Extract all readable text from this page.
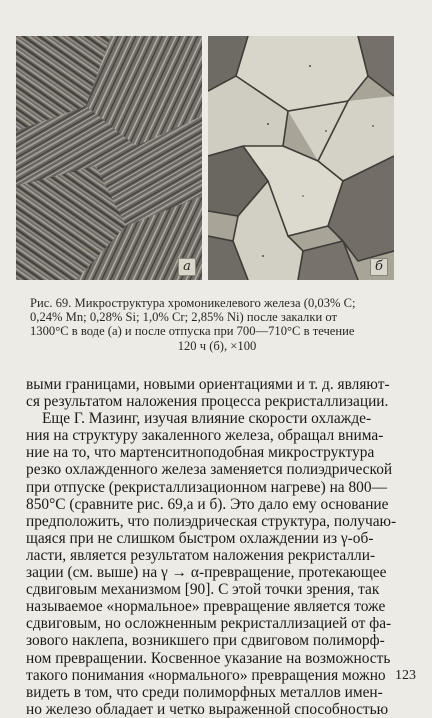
а	б
Рис. 69. Микроструктура хромоникелевого железа (0,03% С;
0,24% Mn; 0,28% Si; 1,0% Cr; 2,85% Ni) после закалки от
1300°С в воде (а) и после отпуска при 700—710°С в течение
120 ч (б), ×100
выми границами, новыми ориентациями и т. д. являют-
ся результатом наложения процесса рекристаллизации.
Еще Г. Мазинг, изучая влияние скорости охлажде-
ния на структуру закаленного железа, обращал внима-
ние на то, что мартенситноподобная микроструктура
резко охлажденного железа заменяется полиэдрической
при отпуске (рекристаллизационном нагреве) на 800—
850°С (сравните рис. 69,а и б). Это дало ему основание
предположить, что полиэдрическая структура, получаю-
щаяся при не слишком быстром охлаждении из γ-об-
ласти, является результатом наложения рекристалли-
зации (см. выше) на γ → α-превращение, протекающее
сдвиговым механизмом [90]. С этой точки зрения, так
называемое «нормальное» превращение является тоже
сдвиговым, но осложненным рекристаллизацией от фа-
зового наклепа, возникшего при сдвиговом полиморф-
ном превращении. Косвенное указание на возможность
такого понимания «нормального» превращения можно
видеть в том, что среди полиморфных металлов имен-
но железо обладает и четко выраженной способностью
123
